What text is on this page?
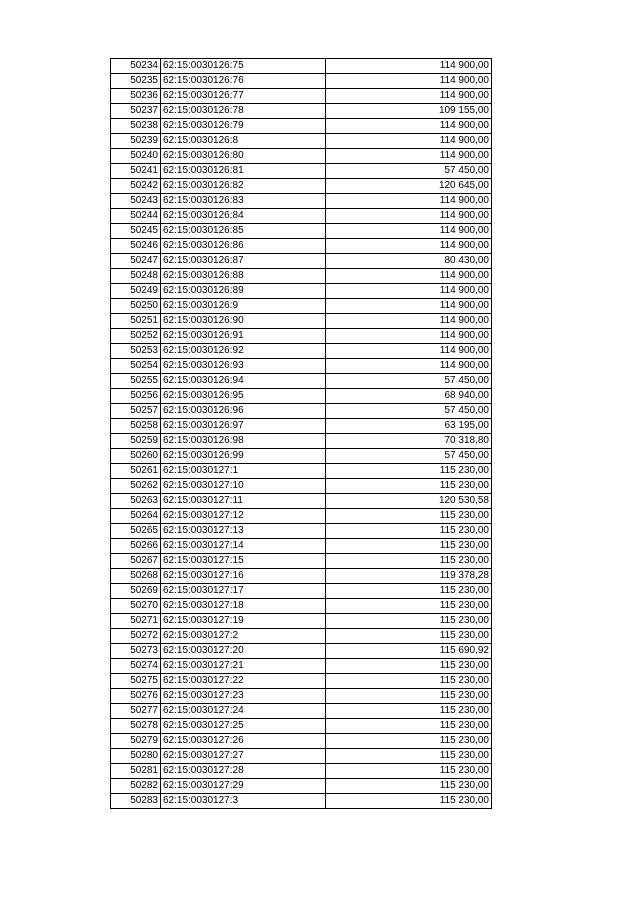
50234	62:15:0030126:75	114 900,00
50235	62:15:0030126:76	114 900,00
50236	62:15:0030126:77	114 900,00
50237	62:15:0030126:78	109 155,00
50238	62:15:0030126:79	114 900,00
50239	62:15:0030126:8	114 900,00
50240	62:15:0030126:80	114 900,00
50241	62:15:0030126:81	57 450,00
50242	62:15:0030126:82	120 645,00
50243	62:15:0030126:83	114 900,00
50244	62:15:0030126:84	114 900,00
50245	62:15:0030126:85	114 900,00
50246	62:15:0030126:86	114 900,00
50247	62:15:0030126:87	80 430,00
50248	62:15:0030126:88	114 900,00
50249	62:15:0030126:89	114 900,00
50250	62:15:0030126:9	114 900,00
50251	62:15:0030126:90	114 900,00
50252	62:15:0030126:91	114 900,00
50253	62:15:0030126:92	114 900,00
50254	62:15:0030126:93	114 900,00
50255	62:15:0030126:94	57 450,00
50256	62:15:0030126:95	68 940,00
50257	62:15:0030126:96	57 450,00
50258	62:15:0030126:97	63 195,00
50259	62:15:0030126:98	70 318,80
50260	62:15:0030126:99	57 450,00
50261	62:15:0030127:1	115 230,00
50262	62:15:0030127:10	115 230,00
50263	62:15:0030127:11	120 530,58
50264	62:15:0030127:12	115 230,00
50265	62:15:0030127:13	115 230,00
50266	62:15:0030127:14	115 230,00
50267	62:15:0030127:15	115 230,00
50268	62:15:0030127:16	119 378,28
50269	62:15:0030127:17	115 230,00
50270	62:15:0030127:18	115 230,00
50271	62:15:0030127:19	115 230,00
50272	62:15:0030127:2	115 230,00
50273	62:15:0030127:20	115 690,92
50274	62:15:0030127:21	115 230,00
50275	62:15:0030127:22	115 230,00
50276	62:15:0030127:23	115 230,00
50277	62:15:0030127:24	115 230,00
50278	62:15:0030127:25	115 230,00
50279	62:15:0030127:26	115 230,00
50280	62:15:0030127:27	115 230,00
50281	62:15:0030127:28	115 230,00
50282	62:15:0030127:29	115 230,00
50283	62:15:0030127:3	115 230,00
